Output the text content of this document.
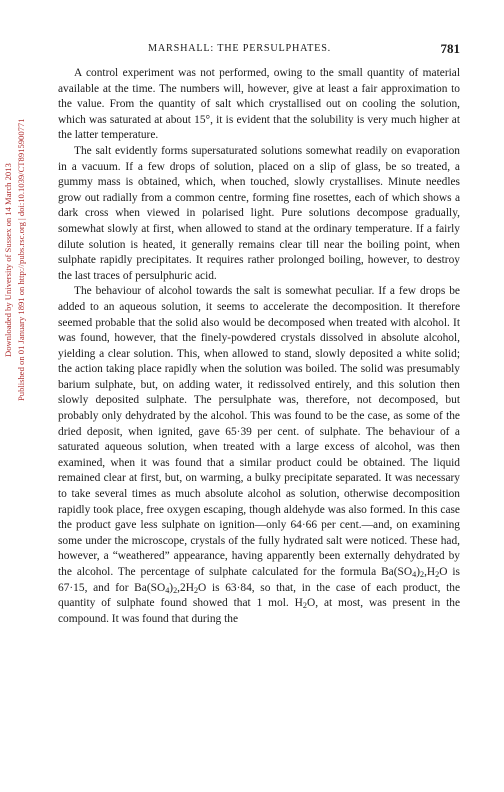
Downloaded by University of Sussex on 14 March 2013 Published on 01 January 1891 on http://pubs.rsc.org | doi:10.1039/CT8915900771
MARSHALL: THE PERSULPHATES.	781

A control experiment was not performed, owing to the small quantity of material available at the time. The numbers will, however, give at least a fair approximation to the value. From the quantity of salt which crystallised out on cooling the solution, which was saturated at about 15°, it is evident that the solubility is very much higher at the latter temperature.

The salt evidently forms supersaturated solutions somewhat readily on evaporation in a vacuum. If a few drops of solution, placed on a slip of glass, be so treated, a gummy mass is obtained, which, when touched, slowly crystallises. Minute needles grow out radially from a common centre, forming fine rosettes, each of which shows a dark cross when viewed in polarised light. Pure solutions decompose gradually, somewhat slowly at first, when allowed to stand at the ordinary temperature. If a fairly dilute solution is heated, it generally remains clear till near the boiling point, when sulphate rapidly precipitates. It requires rather prolonged boiling, however, to destroy the last traces of persulphuric acid.

The behaviour of alcohol towards the salt is somewhat peculiar. If a few drops be added to an aqueous solution, it seems to accelerate the decomposition. It therefore seemed probable that the solid also would be decomposed when treated with alcohol. It was found, however, that the finely-powdered crystals dissolved in absolute alcohol, yielding a clear solution. This, when allowed to stand, slowly deposited a white solid; the action taking place rapidly when the solution was boiled. The solid was presumably barium sulphate, but, on adding water, it redissolved entirely, and this solution then slowly deposited sulphate. The persulphate was, therefore, not decomposed, but probably only dehydrated by the alcohol. This was found to be the case, as some of the dried deposit, when ignited, gave 65·39 per cent. of sulphate. The behaviour of a saturated aqueous solution, when treated with a large excess of alcohol, was then examined, when it was found that a similar product could be obtained. The liquid remained clear at first, but, on warming, a bulky precipitate separated. It was necessary to take several times as much absolute alcohol as solution, otherwise decomposition rapidly took place, free oxygen escaping, though aldehyde was also formed. In this case the product gave less sulphate on ignition—only 64·66 per cent.—and, on examining some under the microscope, crystals of the fully hydrated salt were noticed. These had, however, a “weathered” appearance, having apparently been externally dehydrated by the alcohol. The percentage of sulphate calculated for the formula $Ba(SO_4)_2,H_2O$ is 67·15, and for $Ba(SO_4)_2,2H_2O$ is 63·84, so that, in the case of each product, the quantity of sulphate found showed that 1 mol. $H_2O$, at most, was present in the compound. It was found that during the
